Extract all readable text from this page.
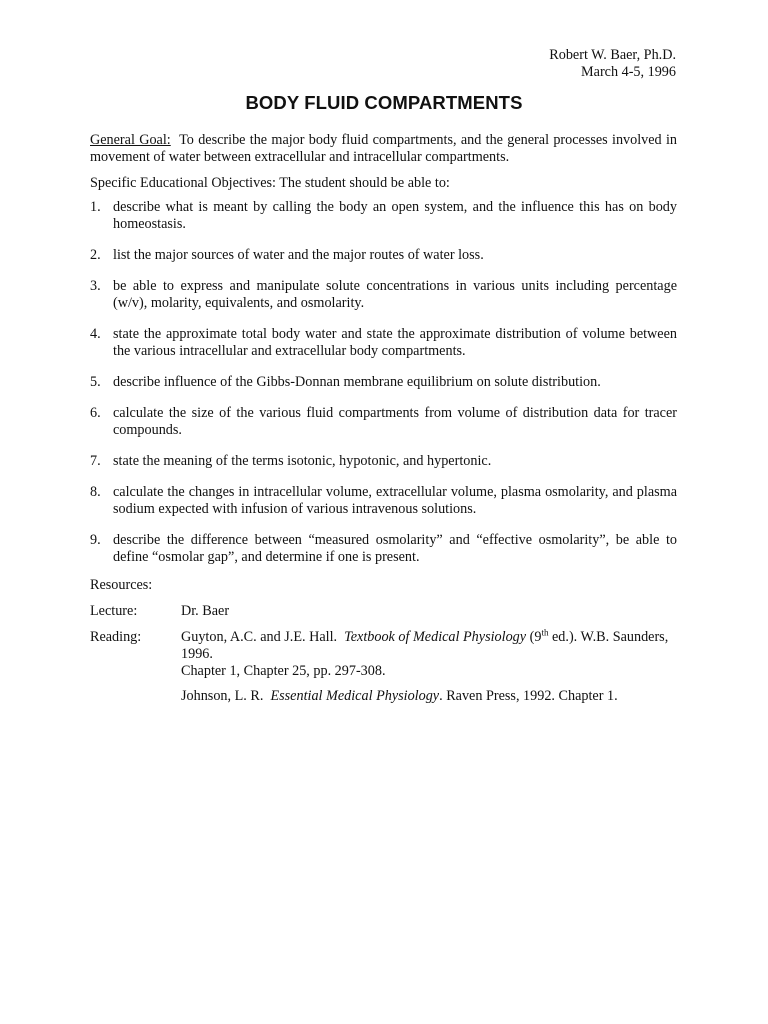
Robert W. Baer, Ph.D.
March 4-5, 1996
BODY FLUID COMPARTMENTS

General Goal: To describe the major body fluid compartments, and the general processes involved in movement of water between extracellular and intracellular compartments.

Specific Educational Objectives: The student should be able to:

1. describe what is meant by calling the body an open system, and the influence this has on body homeostasis.
2. list the major sources of water and the major routes of water loss.
3. be able to express and manipulate solute concentrations in various units including percentage (w/v), molarity, equivalents, and osmolarity.
4. state the approximate total body water and state the approximate distribution of volume between the various intracellular and extracellular body compartments.
5. describe influence of the Gibbs-Donnan membrane equilibrium on solute distribution.
6. calculate the size of the various fluid compartments from volume of distribution data for tracer compounds.
7. state the meaning of the terms isotonic, hypotonic, and hypertonic.
8. calculate the changes in intracellular volume, extracellular volume, plasma osmolarity, and plasma sodium expected with infusion of various intravenous solutions.
9. describe the difference between “measured osmolarity” and “effective osmolarity”, be able to define “osmolar gap”, and determine if one is present.

Resources:

Lecture:	Dr. Baer
Reading:	Guyton, A.C. and J.E. Hall. Textbook of Medical Physiology (9th ed.). W.B. Saunders, 1996.
Chapter 1, Chapter 25, pp. 297-308.
Johnson, L. R. Essential Medical Physiology. Raven Press, 1992. Chapter 1.
